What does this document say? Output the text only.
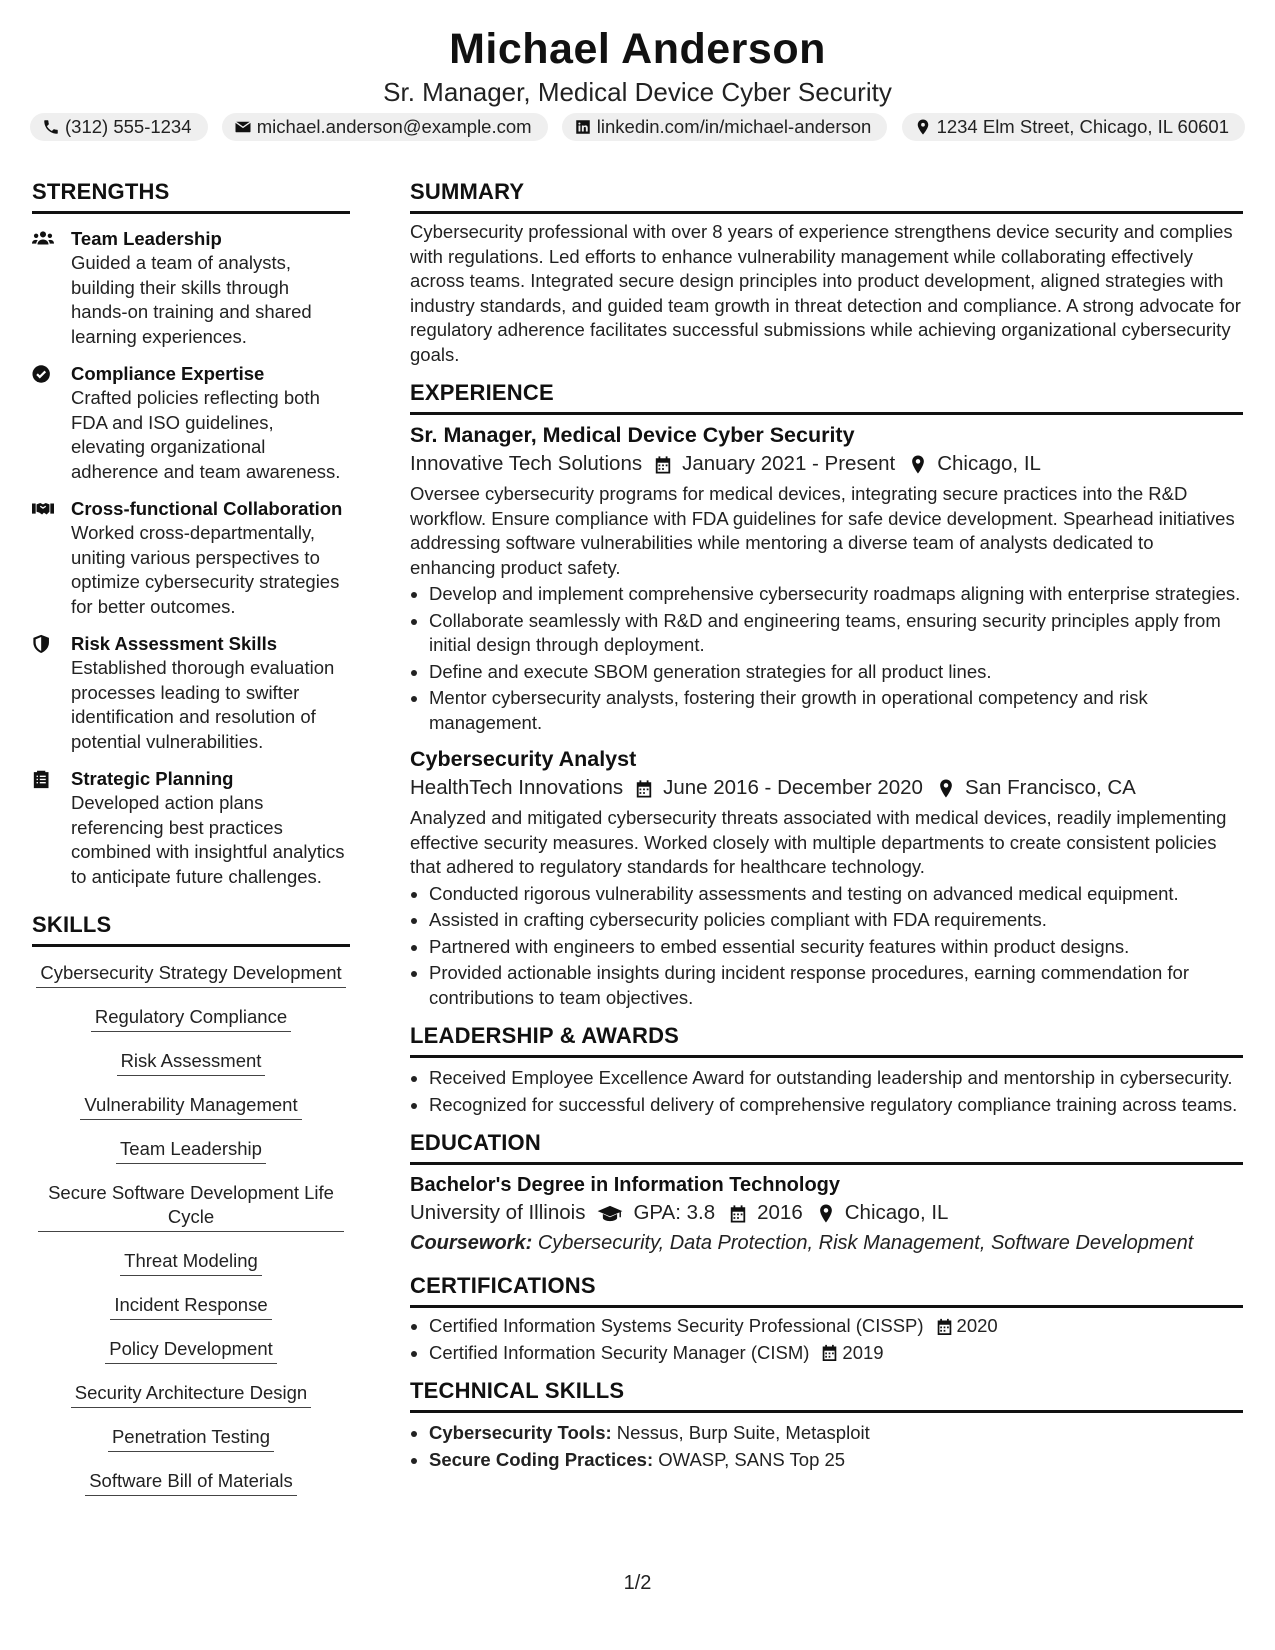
Michael Anderson
Sr. Manager, Medical Device Cyber Security
(312) 555-1234	michael.anderson@example.com	linkedin.com/in/michael-anderson	1234 Elm Street, Chicago, IL 60601
STRENGTHS
Team Leadership
Guided a team of analysts, building their skills through hands-on training and shared learning experiences.
Compliance Expertise
Crafted policies reflecting both FDA and ISO guidelines, elevating organizational adherence and team awareness.
Cross-functional Collaboration
Worked cross-departmentally, uniting various perspectives to optimize cybersecurity strategies for better outcomes.
Risk Assessment Skills
Established thorough evaluation processes leading to swifter identification and resolution of potential vulnerabilities.
Strategic Planning
Developed action plans referencing best practices combined with insightful analytics to anticipate future challenges.
SKILLS
Cybersecurity Strategy Development
Regulatory Compliance
Risk Assessment
Vulnerability Management
Team Leadership

Secure Software Development Life Cycle
Threat Modeling
Incident Response
Policy Development
Security Architecture Design
Penetration Testing
Software Bill of Materials
SUMMARY
Cybersecurity professional with over 8 years of experience strengthens device security and complies with regulations. Led efforts to enhance vulnerability management while collaborating effectively across teams. Integrated secure design principles into product development, aligned strategies with industry standards, and guided team growth in threat detection and compliance. A strong advocate for regulatory adherence facilitates successful submissions while achieving organizational cybersecurity goals.
EXPERIENCE
Sr. Manager, Medical Device Cyber Security
Innovative Tech Solutions January 2021 - Present Chicago, IL
Oversee cybersecurity programs for medical devices, integrating secure practices into the R&D workflow. Ensure compliance with FDA guidelines for safe device development. Spearhead initiatives addressing software vulnerabilities while mentoring a diverse team of analysts dedicated to enhancing product safety.
• Develop and implement comprehensive cybersecurity roadmaps aligning with enterprise strategies.
• Collaborate seamlessly with R&D and engineering teams, ensuring security principles apply from initial design through deployment.
• Define and execute SBOM generation strategies for all product lines.
• Mentor cybersecurity analysts, fostering their growth in operational competency and risk management.
Cybersecurity Analyst
HealthTech Innovations June 2016 - December 2020 San Francisco, CA
Analyzed and mitigated cybersecurity threats associated with medical devices, readily implementing effective security measures. Worked closely with multiple departments to create consistent policies that adhered to regulatory standards for healthcare technology.
• Conducted rigorous vulnerability assessments and testing on advanced medical equipment.
• Assisted in crafting cybersecurity policies compliant with FDA requirements.
• Partnered with engineers to embed essential security features within product designs.
• Provided actionable insights during incident response procedures, earning commendation for contributions to team objectives.
LEADERSHIP & AWARDS
• Received Employee Excellence Award for outstanding leadership and mentorship in cybersecurity.
• Recognized for successful delivery of comprehensive regulatory compliance training across teams.
EDUCATION
Bachelor's Degree in Information Technology
University of Illinois GPA: 3.8 2016 Chicago, IL
Coursework: Cybersecurity, Data Protection, Risk Management, Software Development
CERTIFICATIONS
• Certified Information Systems Security Professional (CISSP) 2020
• Certified Information Security Manager (CISM) 2019
TECHNICAL SKILLS
• Cybersecurity Tools: Nessus, Burp Suite, Metasploit
• Secure Coding Practices: OWASP, SANS Top 25
1/2
